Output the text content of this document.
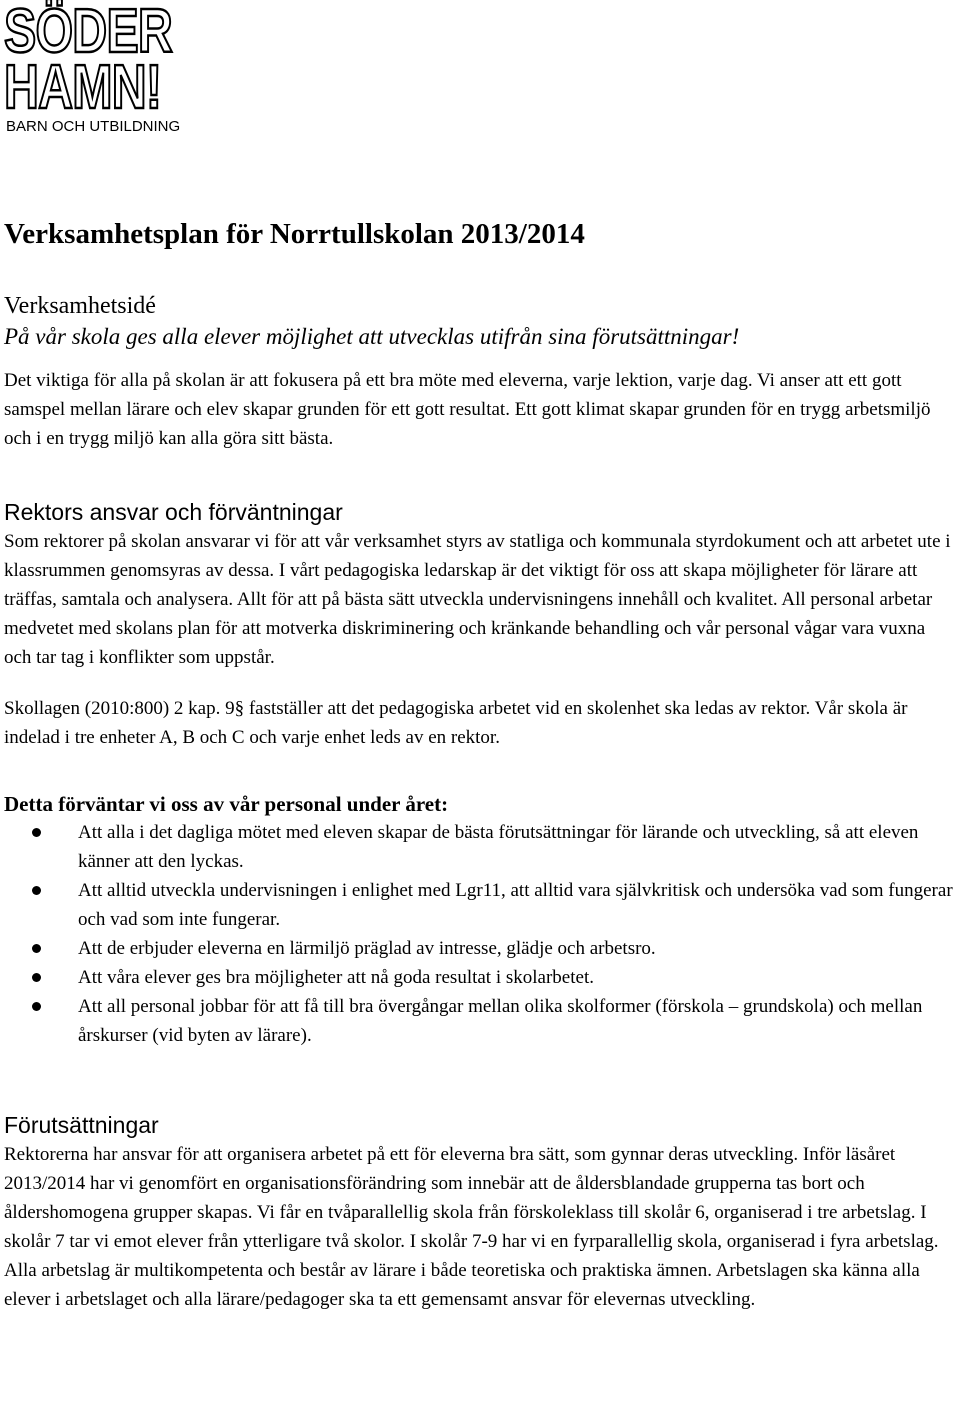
SÖDER
HAMN!
BARN OCH UTBILDNING
Verksamhetsplan för Norrtullskolan 2013/2014
Verksamhetsidé

På vår skola ges alla elever möjlighet att utvecklas utifrån sina förutsättningar!

Det viktiga för alla på skolan är att fokusera på ett bra möte med eleverna, varje lektion, varje dag. Vi anser att ett gott samspel mellan lärare och elev skapar grunden för ett gott resultat. Ett gott klimat skapar grunden för en trygg arbetsmiljö och i en trygg miljö kan alla göra sitt bästa.

Rektors ansvar och förväntningar

Som rektorer på skolan ansvarar vi för att vår verksamhet styrs av statliga och kommunala styrdokument och att arbetet ute i klassrummen genomsyras av dessa. I vårt pedagogiska ledarskap är det viktigt för oss att skapa möjligheter för lärare att träffas, samtala och analysera. Allt för att på bästa sätt utveckla undervisningens innehåll och kvalitet. All personal arbetar medvetet med skolans plan för att motverka diskriminering och kränkande behandling och vår personal vågar vara vuxna och tar tag i konflikter som uppstår.

Skollagen (2010:800) 2 kap. 9§ fastställer att det pedagogiska arbetet vid en skolenhet ska ledas av rektor. Vår skola är indelad i tre enheter A, B och C och varje enhet leds av en rektor.

Detta förväntar vi oss av vår personal under året:
Att alla i det dagliga mötet med eleven skapar de bästa förutsättningar för lärande och utveckling, så att eleven känner att den lyckas.
Att alltid utveckla undervisningen i enlighet med Lgr11, att alltid vara självkritisk och undersöka vad som fungerar och vad som inte fungerar.
Att de erbjuder eleverna en lärmiljö präglad av intresse, glädje och arbetsro.
Att våra elever ges bra möjligheter att nå goda resultat i skolarbetet.
Att all personal jobbar för att få till bra övergångar mellan olika skolformer (förskola – grundskola) och mellan årskurser (vid byten av lärare).
Förutsättningar

Rektorerna har ansvar för att organisera arbetet på ett för eleverna bra sätt, som gynnar deras utveckling. Inför läsåret 2013/2014 har vi genomfört en organisationsförändring som innebär att de åldersblandade grupperna tas bort och åldershomogena grupper skapas. Vi får en tvåparallellig skola från förskoleklass till skolår 6, organiserad i tre arbetslag. I skolår 7 tar vi emot elever från ytterligare två skolor. I skolår 7-9 har vi en fyrparallellig skola, organiserad i fyra arbetslag. Alla arbetslag är multikompetenta och består av lärare i både teoretiska och praktiska ämnen. Arbetslagen ska känna alla elever i arbetslaget och alla lärare/pedagoger ska ta ett gemensamt ansvar för elevernas utveckling.
